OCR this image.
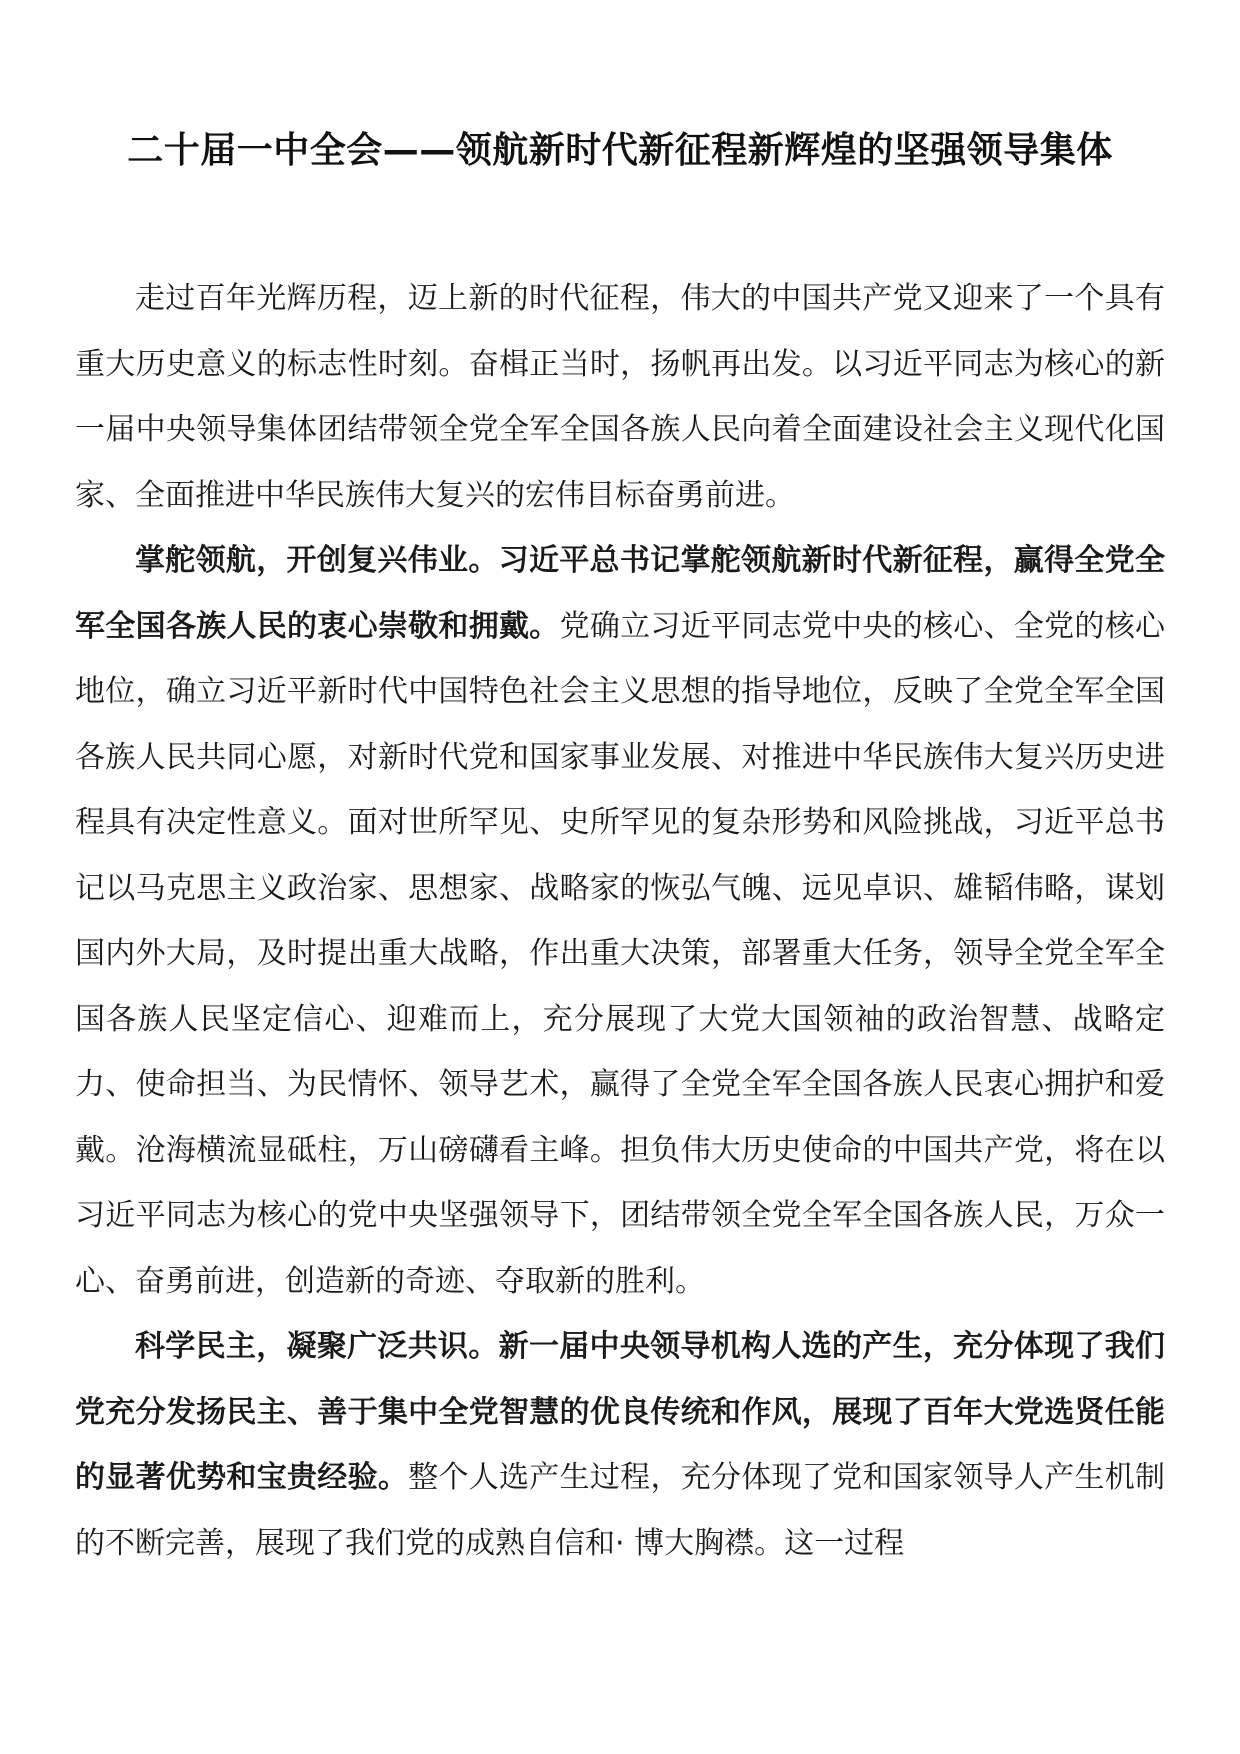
二十届一中全会——领航新时代新征程新辉煌的坚强领导集体

走过百年光辉历程，迈上新的时代征程，伟大的中国共产党又迎来了一个具有重大历史意义的标志性时刻。奋楫正当时，扬帆再出发。以习近平同志为核心的新一届中央领导集体团结带领全党全军全国各族人民向着全面建设社会主义现代化国家、全面推进中华民族伟大复兴的宏伟目标奋勇前进。

掌舵领航，开创复兴伟业。习近平总书记掌舵领航新时代新征程，赢得全党全军全国各族人民的衷心崇敬和拥戴。党确立习近平同志党中央的核心、全党的核心地位，确立习近平新时代中国特色社会主义思想的指导地位，反映了全党全军全国各族人民共同心愿，对新时代党和国家事业发展、对推进中华民族伟大复兴历史进程具有决定性意义。面对世所罕见、史所罕见的复杂形势和风险挑战，习近平总书记以马克思主义政治家、思想家、战略家的恢弘气魄、远见卓识、雄韬伟略，谋划国内外大局，及时提出重大战略，作出重大决策，部署重大任务，领导全党全军全国各族人民坚定信心、迎难而上，充分展现了大党大国领袖的政治智慧、战略定力、使命担当、为民情怀、领导艺术，赢得了全党全军全国各族人民衷心拥护和爱戴。沧海横流显砥柱，万山磅礴看主峰。担负伟大历史使命的中国共产党，将在以习近平同志为核心的党中央坚强领导下，团结带领全党全军全国各族人民，万众一心、奋勇前进，创造新的奇迹、夺取新的胜利。

科学民主，凝聚广泛共识。新一届中央领导机构人选的产生，充分体现了我们党充分发扬民主、善于集中全党智慧的优良传统和作风，展现了百年大党选贤任能的显著优势和宝贵经验。整个人选产生过程，充分体现了党和国家领导人产生机制的不断完善，展现了我们党的成熟自信和· 博大胸襟。这一过程
